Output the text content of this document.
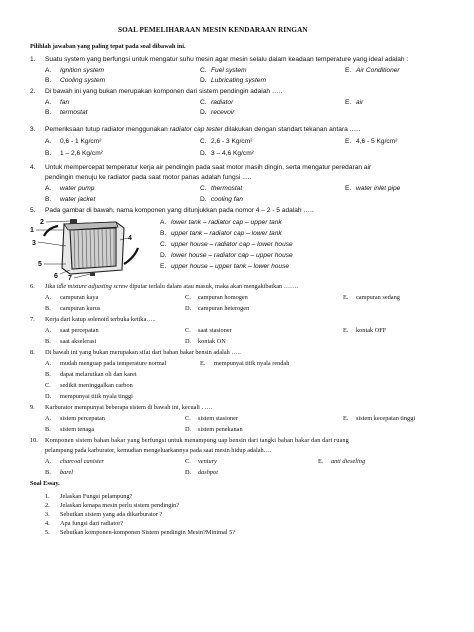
SOAL PEMELIHARAAN MESIN KENDARAAN RINGAN
Pilihlah jawaban yang paling tepat pada soal dibawah ini.
1. Suatu system yang berfungsi untuk mengatur suhu mesin agar mesin selalu dalam keadaan temperature yang ideal adalah :
A. Ignition system	C. Fuel system	E. Air Conditioner
B. Cooling system	D. Lubricating system
2. Di bawah ini yang bukan merupakan komponen dari sistem pendingin adalah …..
A. fan	C. radiator	E. air
B. termostat	D. recevoir
3. Pemeriksaan tutup radiator menggunakan radiator cap tester dilakukan dengan standart tekanan antara ......
A. 0,6 - 1 Kg/cm²	C. 2,6 - 3 Kg/cm²	E. 4,6 - 5 Kg/cm²
B. 1 – 2,6 Kg/cm²	D. 3 – 4,6 Kg/cm²
4. Untuk mempercepat temperatur kerja air pendingin pada saat motor masih dingin, serta mengatur peredaran air
pendingin menuju ke radiator pada saat motor panas adalah fungsi .....
A. water pump	C. thermostat	E. water inlet pipe
B. water jacket	D. cooling fan
5. Pada gambar di bawah, nama komponen yang ditunjukkan pada nomor 4 – 2 - 5 adalah …..
A. lower tank – radiator cap – upper tank
B. upper tank – radiator cap – lower tank
C. upper house – radiator cap – lower house
D. lower house – radiator cap – upper house
E. upper house – upper tank – lower house
1
2
3
4
5
6 7
6. Jika idle mixture adjusting screw diputar terlalu dalam atau masuk, maka akan mengakibatkan …….
A. campuran kaya	C. campuran homogen	E. campuran sedang
B. campuran kurus	D. campuran heterogen
7. Kerja dari katup solenoid terbuka ketika…..
A. saat percepatan	C. saat stasioner	E. kontak OFF
B. saat akselerasi	D. kontak ON
8. Di bawah ini yang bukan merupakan sifat dari bahan bakar bensin adalah …..
A. mudah menguap pada temperature normal	E. mempunyai titik nyala rendah
B. dapat melarutkan oli dan karet
C. sedikit meninggalkan carbon
D. mempunyai titik nyala tinggi
9. Karburator mempunyai beberapa sistem di bawah ini, kecuali . .…
A. sistem percepatan	C. sistem stasioner	E. sistem kecepatan tinggi
B. sistem tenaga	D. sistem penekanan
10. Komponen sistem bahan bakar yang berfungsi untuk menampung uap bensin dari tangki bahan bakar dan dari ruang
pelampung pada karburator, kemudian mengeluarkannya pada saat mesin hidup adalah….
A. charcoal canister	C. ventury	E. anti dieseling
B. barel	D. dashpot
Soal Essay.
1. Jelaskan Fungsi pelampung?
2. Jelaskan kenapa mesin perlu sistem pendingin?
3. Sebutkan sistem yang ada dikarburator ?
4. Apa fungsi dari radiator?
5. Sebutkan komponen-komponen Sistem pendingin Mesin?Minimal 5?
